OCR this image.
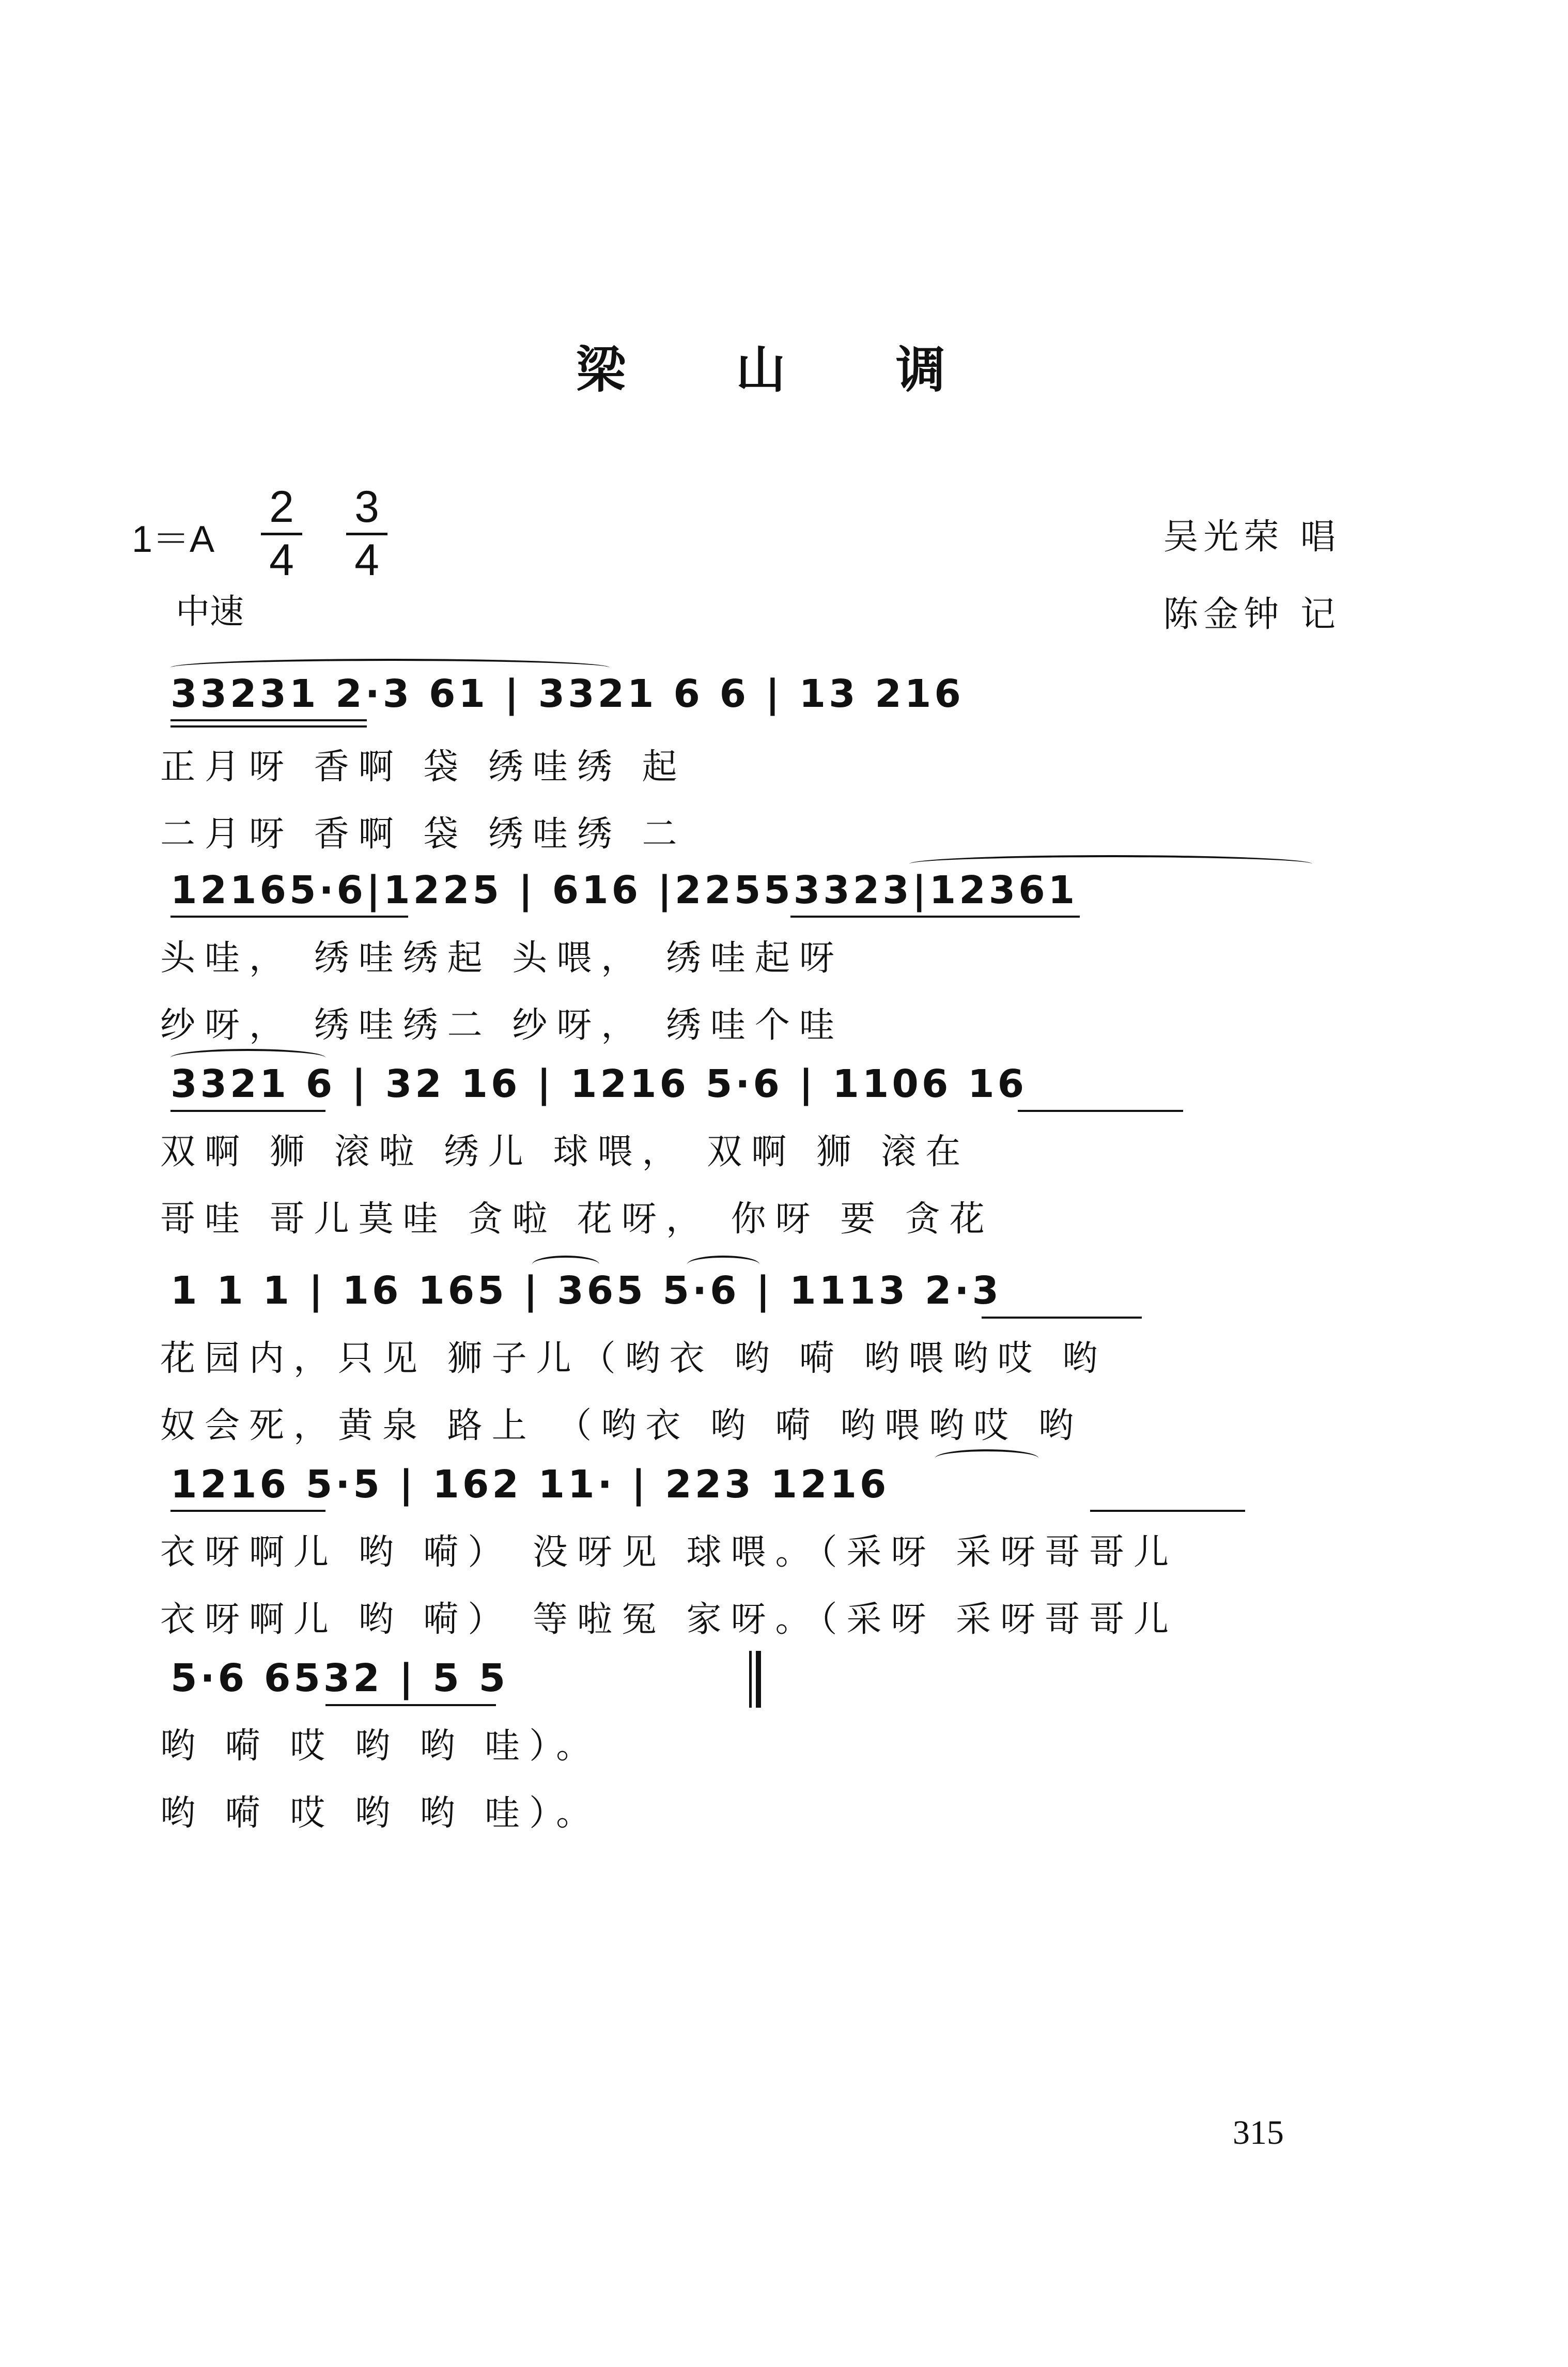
梁 山 调
$1=A \frac{2}{4} \frac{3}{4}$
中速
吴光荣 唱
陈金钟 记
33231 2·3 61 | 3321 6 6 | 13 216
正月呀 香啊 袋 绣哇绣 起
二月呀 香啊 袋 绣哇绣 二
12165·6|1225 | 616 |22553323|12361
头哇， 绣哇绣起 头喂， 绣哇起呀
纱呀， 绣哇绣二 纱呀， 绣哇个哇
3321 6 | 32 16 | 1216 5·6 | 1106 16
双啊 狮 滚啦 绣儿 球喂， 双啊 狮 滚在
哥哇 哥儿莫哇 贪啦 花呀， 你呀 要 贪花
1 1 1 | 16 165 | 365 5·6 | 1113 2·3
花园内，只见 狮子儿（哟衣 哟 嗬 哟喂哟哎 哟
奴会死，黄泉 路上 （哟衣 哟 嗬 哟喂哟哎 哟
1216 5·5 | 162 11· | 223 1216
衣呀啊儿 哟 嗬） 没呀见 球喂。（采呀 采呀哥哥儿
衣呀啊儿 哟 嗬） 等啦冤 家呀。（采呀 采呀哥哥儿
5·6 6532 | 5 5
哟 嗬 哎 哟 哟 哇）。
哟 嗬 哎 哟 哟 哇）。
315
